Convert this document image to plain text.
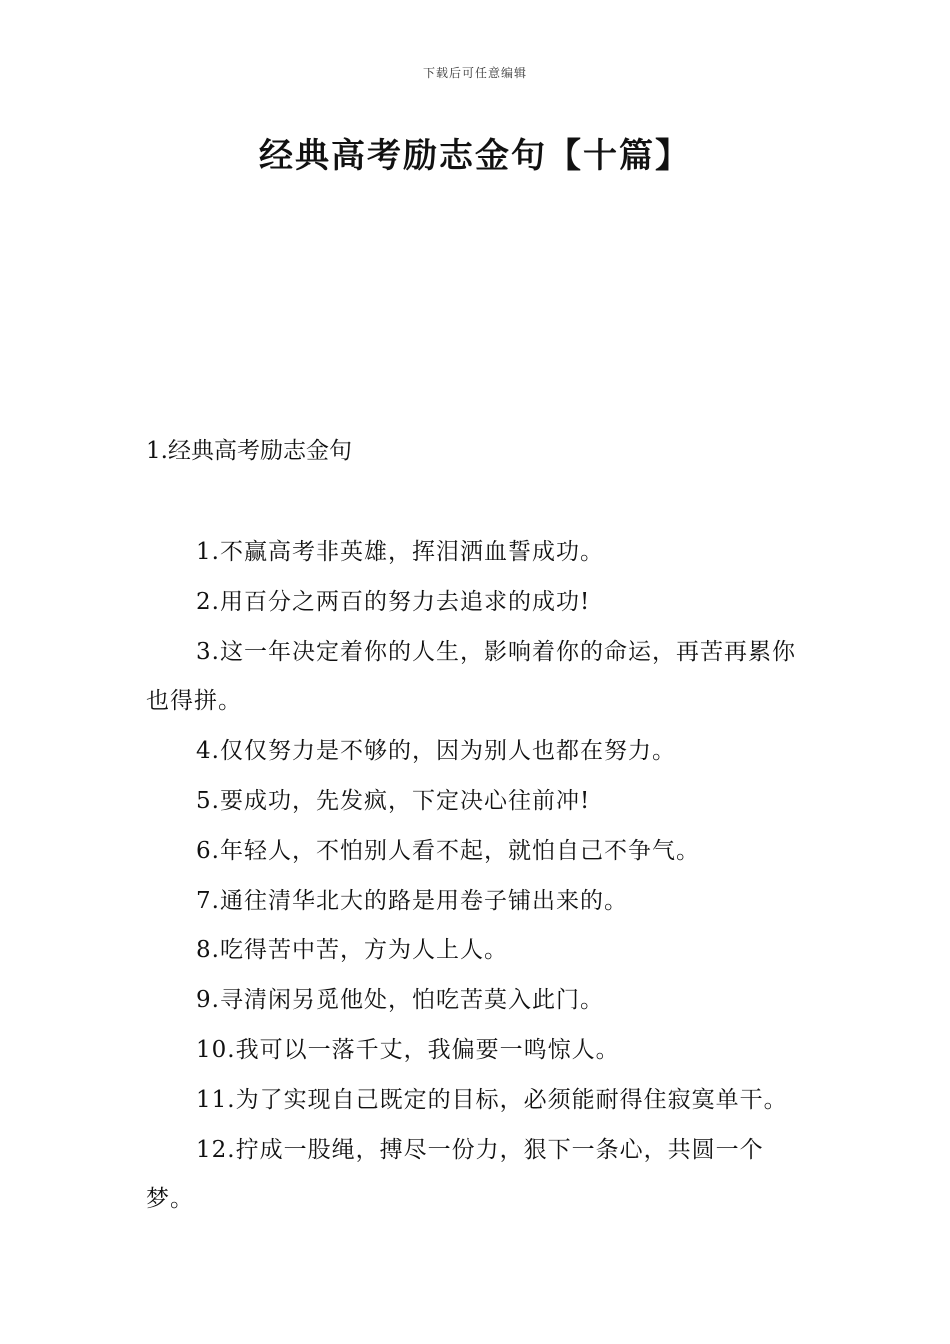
下载后可任意编辑
经典高考励志金句【十篇】
1.经典高考励志金句
1.不赢高考非英雄，挥泪洒血誓成功。
2.用百分之两百的努力去追求的成功!
3.这一年决定着你的人生，影响着你的命运，再苦再累你也得拼。
4.仅仅努力是不够的，因为别人也都在努力。
5.要成功，先发疯，下定决心往前冲!
6.年轻人，不怕别人看不起，就怕自己不争气。
7.通往清华北大的路是用卷子铺出来的。
8.吃得苦中苦，方为人上人。
9.寻清闲另觅他处，怕吃苦莫入此门。
10.我可以一落千丈，我偏要一鸣惊人。
11.为了实现自己既定的目标，必须能耐得住寂寞单干。
12.拧成一股绳，搏尽一份力，狠下一条心，共圆一个梦。
